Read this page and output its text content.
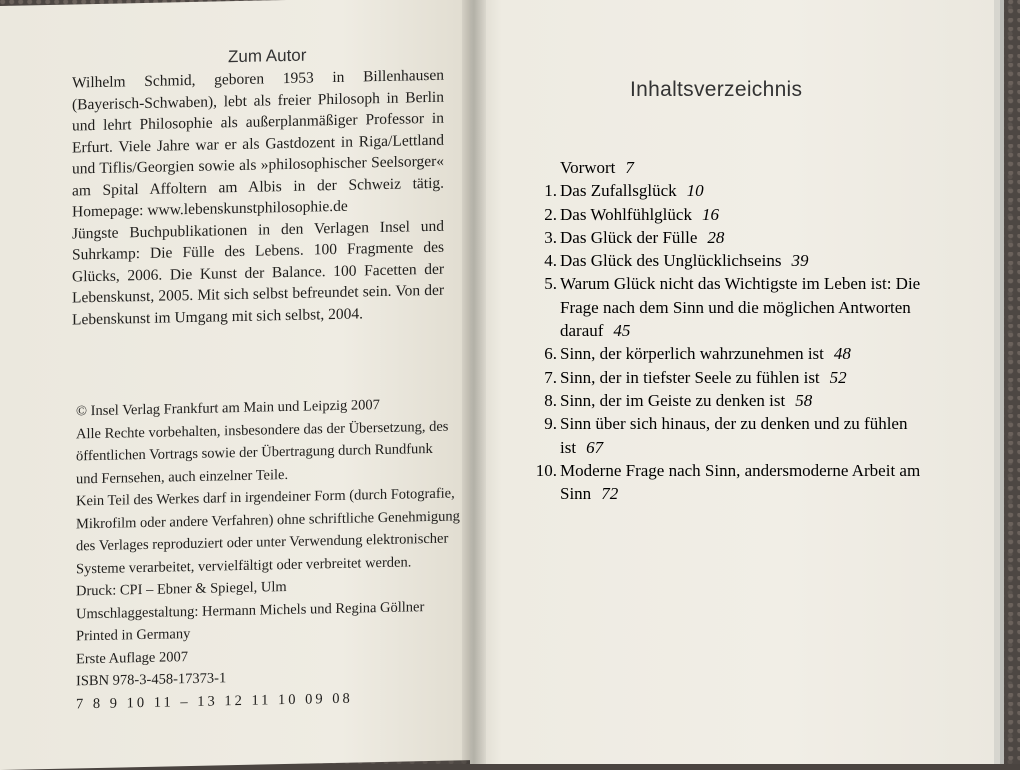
Zum Autor

Wilhelm Schmid, geboren 1953 in Billenhausen (Bayerisch-Schwaben), lebt als freier Philosoph in Berlin und lehrt Philosophie als außerplanmäßiger Professor in Erfurt. Viele Jahre war er als Gastdozent in Riga/Lettland und Tiflis/Georgien sowie als »philosophischer Seelsorger« am Spital Affoltern am Albis in der Schweiz tätig. Homepage: www.lebenskunstphilosophie.de

Jüngste Buchpublikationen in den Verlagen Insel und Suhrkamp: Die Fülle des Lebens. 100 Fragmente des Glücks, 2006. Die Kunst der Balance. 100 Facetten der Lebenskunst, 2005. Mit sich selbst befreundet sein. Von der Lebenskunst im Umgang mit sich selbst, 2004.

© Insel Verlag Frankfurt am Main und Leipzig 2007
Alle Rechte vorbehalten, insbesondere das der Übersetzung, des
öffentlichen Vortrags sowie der Übertragung durch Rundfunk
und Fernsehen, auch einzelner Teile.
Kein Teil des Werkes darf in irgendeiner Form (durch Fotografie,
Mikrofilm oder andere Verfahren) ohne schriftliche Genehmigung
des Verlages reproduziert oder unter Verwendung elektronischer
Systeme verarbeitet, vervielfältigt oder verbreitet werden.
Druck: CPI – Ebner & Spiegel, Ulm
Umschlaggestaltung: Hermann Michels und Regina Göllner
Printed in Germany
Erste Auflage 2007
ISBN 978-3-458-17373-1
7 8 9 10 11 – 13 12 11 10 09 08
Inhaltsverzeichnis
Vorwort 7
1. Das Zufallsglück 10
2. Das Wohlfühlglück 16
3. Das Glück der Fülle 28
4. Das Glück des Unglücklichseins 39
5. Warum Glück nicht das Wichtigste im Leben ist: Die Frage nach dem Sinn und die möglichen Antworten darauf 45
6. Sinn, der körperlich wahrzunehmen ist 48
7. Sinn, der in tiefster Seele zu fühlen ist 52
8. Sinn, der im Geiste zu denken ist 58
9. Sinn über sich hinaus, der zu denken und zu fühlen ist 67
10. Moderne Frage nach Sinn, andersmoderne Arbeit am Sinn 72
